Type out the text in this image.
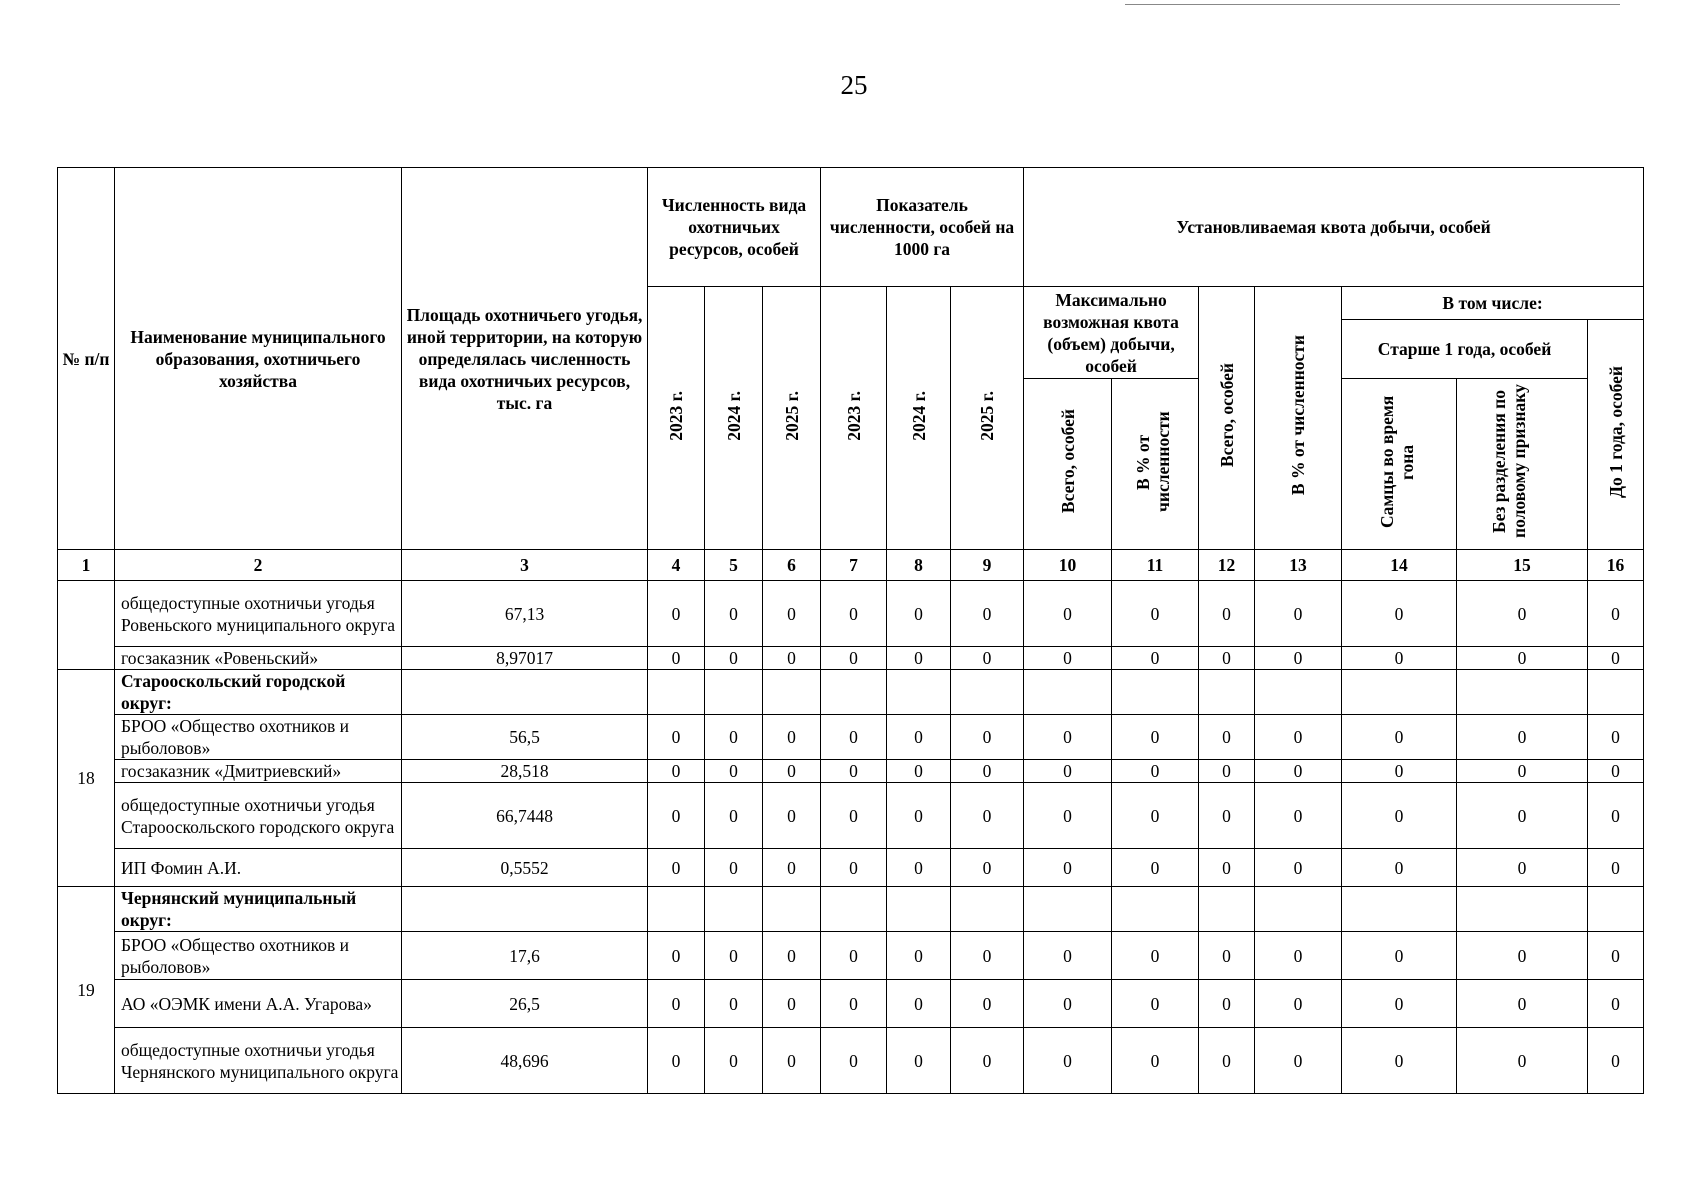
25
№ п/п	Наименование муниципального образования, охотничьего хозяйства	Площадь охотничьего угодья, иной территории, на которую определялась численность вида охотничьих ресурсов, тыс. га	Численность вида охотничьих ресурсов, особей			Показатель численности, особей на 1000 га			Установливаемая квота добычи, особей						
			2023 г.	2024 г.	2025 г.	2023 г.	2024 г.	2025 г.	Максимально возможная квота (объем) добычи, особей		Всего, особей	В % от численности	В том числе:		
													Старше 1 года, особей		До 1 года, особей
									Всего, особей	В % от численности			Самцы во время гона	Без разделения по половому признаку	
1	2	3	4	5	6	7	8	9	10	11	12	13	14	15	16
	общедоступные охотничьи угодья Ровеньского муниципального округа	67,13	0	0	0	0	0	0	0	0	0	0	0	0	0
	госзаказник «Ровеньский»	8,97017	0	0	0	0	0	0	0	0	0	0	0	0	0
18	Старооскольский городской округ:														
	БРОО «Общество охотников и рыболовов»	56,5	0	0	0	0	0	0	0	0	0	0	0	0	0
	госзаказник «Дмитриевский»	28,518	0	0	0	0	0	0	0	0	0	0	0	0	0
	общедоступные охотничьи угодья Старооскольского городского округа	66,7448	0	0	0	0	0	0	0	0	0	0	0	0	0
	ИП Фомин А.И.	0,5552	0	0	0	0	0	0	0	0	0	0	0	0	0
19	Чернянский муниципальный округ:														
	БРОО «Общество охотников и рыболовов»	17,6	0	0	0	0	0	0	0	0	0	0	0	0	0
	АО «ОЭМК имени А.А. Угарова»	26,5	0	0	0	0	0	0	0	0	0	0	0	0	0
	общедоступные охотничьи угодья Чернянского муниципального округа	48,696	0	0	0	0	0	0	0	0	0	0	0	0	0
